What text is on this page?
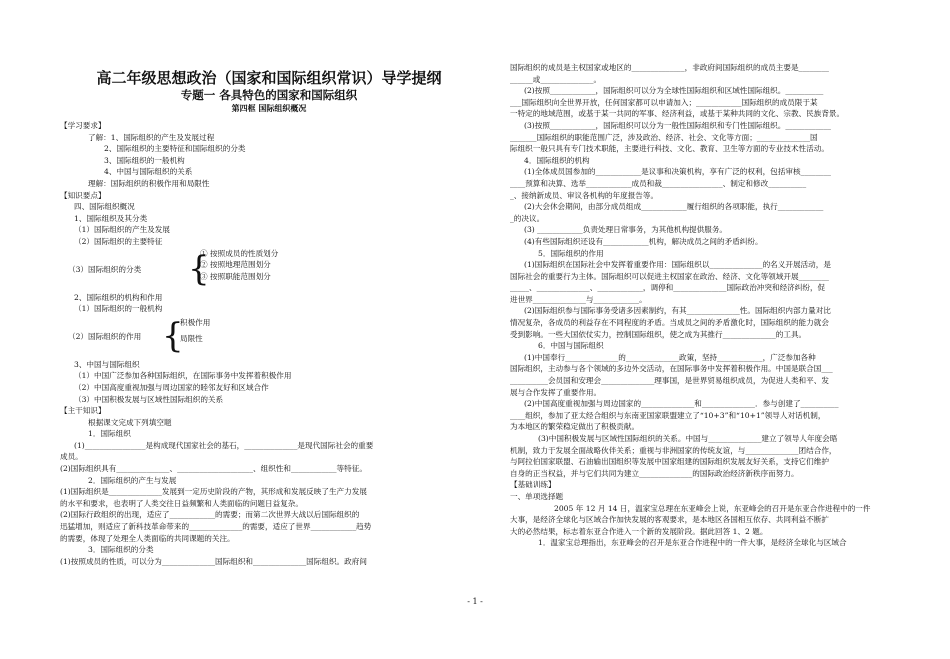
高二年级思想政治（国家和国际组织常识）导学提纲
专题一 各具特色的国家和国际组织
第四框 国际组织概况
【学习要求】
了解：1、国际组织的产生及发展过程
2、国际组织的主要特征和国际组织的分类
3、国际组织的一般机构
4、中国与国际组织的关系
理解：国际组织的积极作用和局限性
【知识要点】
四、国际组织概况
1、国际组织及其分类
（1）国际组织的产生及发展
（2）国际组织的主要特征
（3）国际组织的分类 {
① 按照成员的性质划分
② 按照地理范围划分
③ 按照职能范围划分
2、国际组织的机构和作用
（1）国际组织的一般机构
（2）国际组织的作用 {
积极作用
局限性
3、中国与国际组织
（1）中国广泛参加各种国际组织，在国际事务中发挥着积极作用
（2）中国高度重视加强与周边国家的睦邻友好和区域合作
（3）中国积极发展与区域性国际组织的关系
【主干知识】
根据课文完成下列填空题
1．国际组织
(1)________________是构成现代国家社会的基石，______________是现代国际社会的重要
成员。
(2)国际组织具有______________、____________________、组织性和____________等特征。
2．国际组织的产生与发展
(1)国际组织是______________发展到一定历史阶段的产物，其形成和发展反映了生产力发展
的水平和要求，也表明了人类交往日益频繁和人类面临的问题日益复杂。
(2)国际行政组织的出现，适应了____________的需要；而第二次世界大战以后国际组织的
迅猛增加，则适应了新科技革命带来的______________的需要，适应了世界____________趋势
的需要，体现了处理全人类面临的共同课题的关注。
3．国际组织的分类
(1)按照成员的性质，可以分为______________国际组织和______________国际组织。政府间
国际组织的成员是主权国家或地区的______________，非政府间国际组织的成员主要是________
______或______________。
(2)按照____________，国际组织可以分为全球性国际组织和区域性国际组织。__________
___国际组织向全世界开放，任何国家都可以申请加入；____________国际组织的成员限于某
一特定的地域范围，或基于某一共同的军事、经济利益，或基于某种共同的文化、宗教、民族背景。
(3)按照____________，国际组织可以分为一般性国际组织和专门性国际组织。____________
_______国际组织的职能范围广泛，涉及政治、经济、社会、文化等方面；______________国
际组织一般只具有专门技术职能，主要进行科技、文化、教育、卫生等方面的专业技术性活动。
4．国际组织的机构
(1)全体成员国参加的____________是议事和决策机构，享有广泛的权利，包括审核________
____预算和决算、选举____________成员和裁________________、制定和修改__________
_、接纳新成员、审议各机构的年度报告等。
(2)大会休会期间，由部分成员组成____________履行组织的各项职能，执行____________
_的决议。
(3) ____________负责处理日常事务，为其他机构提供服务。
(4)有些国际组织还设有____________机构，解决成员之间的矛盾纠纷。
5．国际组织的作用
(1)国际组织在国际社会中发挥着重要作用：国际组织以______________的名义开展活动，是
国际社会的重要行为主体。国际组织可以促进主权国家在政治、经济、文化等领域开展________
_____、______________、____________，调停和______________国际政治冲突和经济纠纷，促
进世界______________与____________。
(2)国际组织参与国际事务受诸多因素制约，有其______________性。国际组织内部力量对比
情况复杂，各成员的利益存在不同程度的矛盾。当成员之间的矛盾激化时，国际组织的能力就会
受到影响。一些大国依仗实力，控制国际组织，使之成为其推行______________的工具。
6．中国与国际组织
(1)中国奉行______________的______________政策，坚持____________，广泛参加各种
国际组织，主动参与各个领域的多边外交活动，在国际事务中发挥着积极作用。中国是联合国___
__________会员国和安理会______________理事国，是世界贸易组织成员，为促进人类和平、发
展与合作发挥了重要作用。
(2)中国高度重视加强与周边国家的______________和______________．参与创建了__________
____组织，参加了亚太经合组织与东南亚国家联盟建立了“10+3”和“10+1”领导人对话机制，
为本地区的繁荣稳定做出了积极贡献。
(3)中国积极发展与区域性国际组织的关系。中国与______________建立了领导人年度会晤
机制，致力于发展全面战略伙伴关系；重视与非洲国家的传统友谊，与______________团结合作，
与阿拉伯国家联盟、石油输出国组织等发展中国家组建的国际组织发展友好关系，支持它们维护
自身的正当权益，并与它们共同为建立______________的国际政治经济新秩序而努力。
【基础训练】
一、单项选择题
2005 年 12 月 14 日，温家宝总理在东亚峰会上说，东亚峰会的召开是东亚合作进程中的一件
大事，是经济全球化与区域合作加快发展的客观要求，是本地区各国相互依存、共同利益不断扩
大的必然结果，标志着东亚合作进入一个新的发展阶段。据此回答 1、2 题。
1．温家宝总理指出，东亚峰会的召开是东亚合作进程中的一件大事，是经济全球化与区域合
- 1 -
